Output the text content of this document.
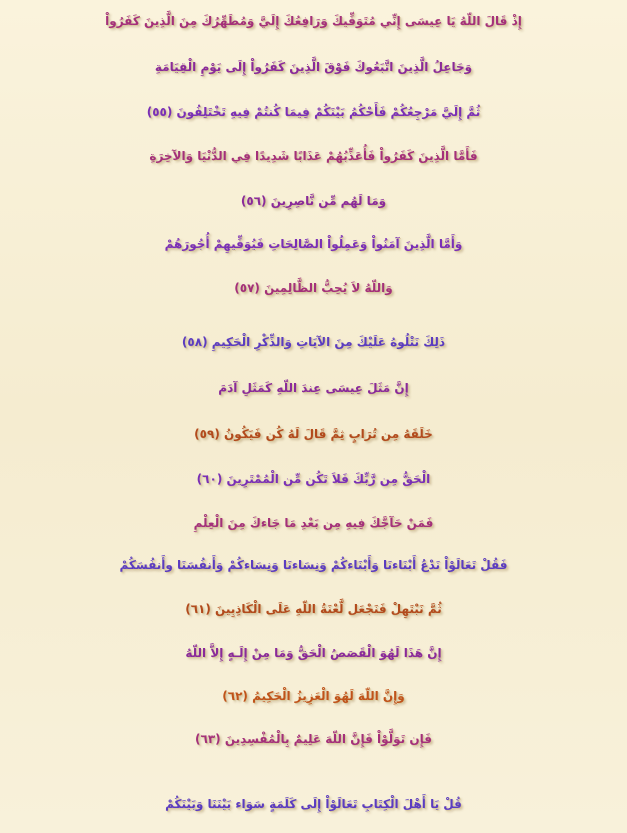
إِذْ قَالَ اللّهُ يَا عِيسَى إِنِّي مُتَوَفِّيكَ وَرَافِعُكَ إِلَيَّ وَمُطَهِّرُكَ مِنَ الَّذِينَ كَفَرُواْ
وَجَاعِلُ الَّذِينَ اتَّبَعُوكَ فَوْقَ الَّذِينَ كَفَرُواْ إِلَى يَوْمِ الْقِيَامَةِ
ثُمَّ إِلَيَّ مَرْجِعُكُمْ فَأَحْكُمُ بَيْنَكُمْ فِيمَا كُنتُمْ فِيهِ تَخْتَلِفُونَ (٥٥)
فَأَمَّا الَّذِينَ كَفَرُواْ فَأُعَذِّبُهُمْ عَذَابًا شَدِيدًا فِي الدُّنْيَا وَالآخِرَةِ
وَمَا لَهُم مِّن نَّاصِرِينَ (٥٦)
وَأَمَّا الَّذِينَ آمَنُواْ وَعَمِلُواْ الصَّالِحَاتِ فَيُوَفِّيهِمْ أُجُورَهُمْ
وَاللّهُ لاَ يُحِبُّ الظَّالِمِينَ (٥٧)
ذَلِكَ نَتْلُوهُ عَلَيْكَ مِنَ الآيَاتِ وَالذِّكْرِ الْحَكِيمِ (٥٨)
إِنَّ مَثَلَ عِيسَى عِندَ اللّهِ كَمَثَلِ آدَمَ
خَلَقَهُ مِن تُرَابٍ ثِمَّ قَالَ لَهُ كُن فَيَكُونُ (٥٩)
الْحَقُّ مِن رَّبِّكَ فَلاَ تَكُن مِّن الْمُمْتَرِينَ (٦٠)
فَمَنْ حَآجَّكَ فِيهِ مِن بَعْدِ مَا جَاءكَ مِنَ الْعِلْمِ
فَقُلْ تَعَالَوْاْ نَدْعُ أَبْنَاءنَا وَأَبْنَاءكُمْ وَنِسَاءنَا وَنِسَاءكُمْ وَأَنفُسَنَا وأَنفُسَكُمْ
ثُمَّ نَبْتَهِلْ فَنَجْعَل لَّعْنَةُ اللّهِ عَلَى الْكَاذِبِينَ (٦١)
إِنَّ هَذَا لَهُوَ الْقَصَصُ الْحَقُّ وَمَا مِنْ إِلَـهٍ إِلاَّ اللّهُ
وَإِنَّ اللّهَ لَهُوَ الْعَزِيزُ الْحَكِيمُ (٦٢)
فَإِن تَوَلَّوْاْ فَإِنَّ اللّهَ عَلِيمٌ بِالْمُفْسِدِينَ (٦٣)
قُلْ يَا أَهْلَ الْكِتَابِ تَعَالَوْاْ إِلَى كَلَمَةٍ سَوَاء بَيْنَنَا وَبَيْنَكُمْ
